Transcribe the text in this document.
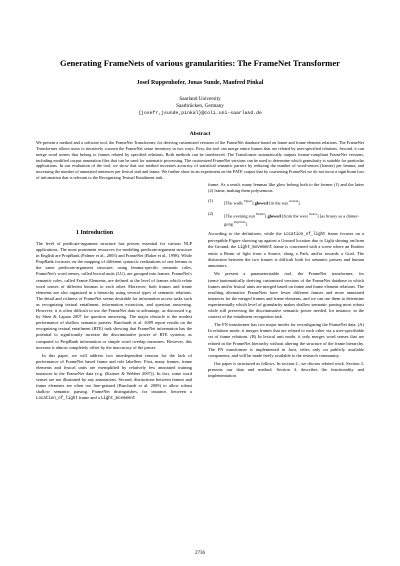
Generating FrameNets of various granularities: The FrameNet Transformer
Josef Ruppenhofer, Jonas Sunde, Manfred Pinkal
Saarland University
Saarbrücken, Germany
{josefr,jsunde,pinkal}@coli.uni-saarland.de
Abstract
We present a method and a software tool, the FrameNet Transformer, for deriving customized versions of the FrameNet database based on frame and frame element relations. The FrameNet Transformer allows users to iteratively coarsen the FrameNet sense inventory in two ways. First, the tool can merge entire frames that are related by user-specified relations. Second, it can merge word senses that belong to frames related by specified relations. Both methods can be interleaved. The Transformer automatically outputs format-compliant FrameNet versions, including modified corpus annotation files that can be used for automatic processing. The customized FrameNet versions can be used to determine which granularity is suitable for particular applications. In our evaluation of the tool, we show that our method increases accuracy of statistical semantic parsers by reducing the number of word-senses (frames) per lemma, and increasing the number of annotated sentences per lexical unit and frame. We further show in an experiment on the FATE corpus that by coarsening FrameNet we do not incur a significant loss of information that is relevant to the Recognizing Textual Entailment task.
1 Introduction

The level of predicate-argument structure has proven essential for various NLP applications. The most prominent resources for modeling predicate-argument structure in English are PropBank (Palmer et al., 2005) and FrameNet (Baker et al., 1998). While PropBank focusses on the mapping of different syntactic realizations of one lemma to the same predicate-argument structure, using lemma-specific semantic roles, FrameNet's word senses, called lexical units (LU), are grouped into frames. FrameNet's semantic roles, called Frame Elements, are defined at the level of frames which relate word senses of different lemmas to each other. Moreover, both frames and frame elements are also organized in a hierarchy using several types of semantic relations. The detail and richness of FrameNet seems desirable for information access tasks such as recognizing textual entailment, information extraction, and question answering. However, it is often difficult to use the FrameNet data to advantage, as discussed e.g. by Shen & Lapata 2007 for question answering. The major obstacle is the modest performance of shallow semantic parsers. Burchardt et al. 2009 report results on the recognizing textual entailment (RTE) task showing that FrameNet information has the potential to significantly increase the discriminative power of RTE systems, as compared to PropBank information or simple word overlap measures. However, this increase is almost completely offset by the inaccuracy of the parser.

In this paper, we will address two interdependent reasons for the lack of performance of FrameNet based frame and role labellers. First, many frames, frame elements and lexical units are exemplified by relatively few annotated training instances in the FrameNet data (e.g. (Kaisser & Webber 2007)). In fact, some word senses are not illustrated by any annotations. Second, distinctions between frames and frame elements are often too fine-grained (Burchardt et al. 2009) to allow robust shallow semantic parsing. FrameNet distinguishes, for instance, between a Location_of_light frame and a Light_movement

frame. As a result, many lemmas like glow belong both to the former (1) and the latter (2) frame, making them polysemous.

(1)	[The walls $^{Figure}$] glowed [in the sun $^{Ground}$].
(2)	[The evening sun $^{Emitter}$] glowed [from the west $^{Source}$] [as brassy as a dinner-gong $^{Depictive}$].

According to the definitions, while the Location_of_light frame focuses on a perceptible Figure showing up against a Ground location due to Light shining on/from the Ground, the Light_movement frame is concerned with a scene where an Emitter emits a Beam of light from a Source, along a Path, and/or towards a Goal. The distinction between the two frames is difficult both for semantic parsers and human annotators.

We present a parameterizable tool, the FrameNet transformer, for (semi-)automatically deriving customized versions of the FrameNet database in which frames and/or lexical units are merged based on frame and frame element relations. The resulting alternative FrameNets have fewer different frames and more annotated instances for the merged frames and frame elements, and we can use them to determine experimentally which level of granularity makes shallow semantic parsing most robust while still preserving the discriminative semantic power needed, for instance, in the context of the entailment recognition task.

The FN transformer has two major modes for reconfiguring the FrameNet data. (A) In relations mode, it merges frames that are related to each other via a user-specifiable set of frame relations. (B) In lexical unit mode, it only merges word senses that are related in the FrameNet hierarchy without altering the structure of the frame hierarchy. The FN transformer is implemented in Java, relies only on publicly available components, and will be made freely available to the research community.

Our paper is structured as follows. In section 2., we discuss related work. Section 3. presents our data and method. Section 4. describes the functionality and implementation

2736
